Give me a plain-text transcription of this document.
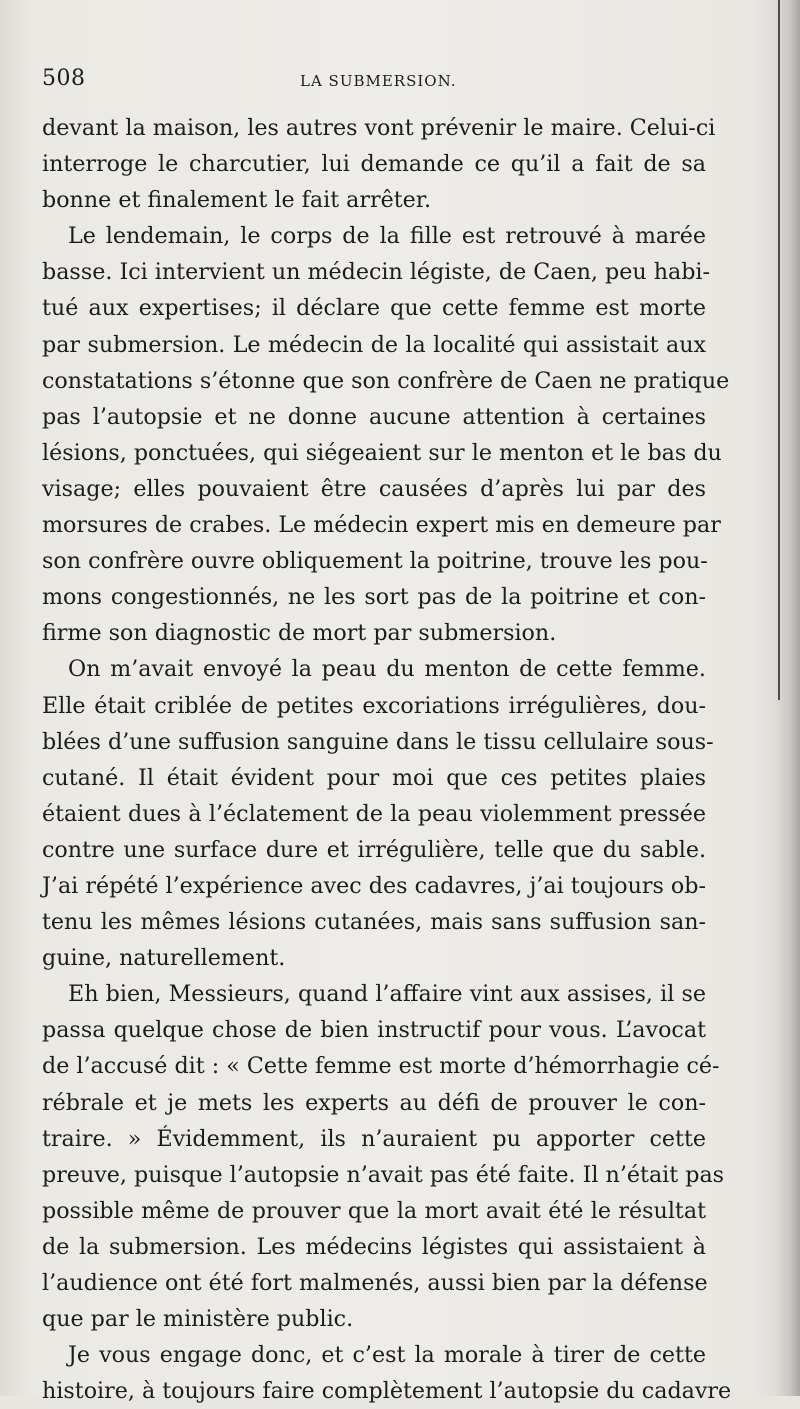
508	LA SUBMERSION.
devant la maison, les autres vont prévenir le maire. Celui-ci
interroge le charcutier, lui demande ce qu’il a fait de sa
bonne et finalement le fait arrêter.
Le lendemain, le corps de la fille est retrouvé à marée
basse. Ici intervient un médecin légiste, de Caen, peu habi-
tué aux expertises; il déclare que cette femme est morte
par submersion. Le médecin de la localité qui assistait aux
constatations s’étonne que son confrère de Caen ne pratique
pas l’autopsie et ne donne aucune attention à certaines
lésions, ponctuées, qui siégeaient sur le menton et le bas du
visage; elles pouvaient être causées d’après lui par des
morsures de crabes. Le médecin expert mis en demeure par
son confrère ouvre obliquement la poitrine, trouve les pou-
mons congestionnés, ne les sort pas de la poitrine et con-
firme son diagnostic de mort par submersion.
On m’avait envoyé la peau du menton de cette femme.
Elle était criblée de petites excoriations irrégulières, dou-
blées d’une suffusion sanguine dans le tissu cellulaire sous-
cutané. Il était évident pour moi que ces petites plaies
étaient dues à l’éclatement de la peau violemment pressée
contre une surface dure et irrégulière, telle que du sable.
J’ai répété l’expérience avec des cadavres, j’ai toujours ob-
tenu les mêmes lésions cutanées, mais sans suffusion san-
guine, naturellement.
Eh bien, Messieurs, quand l’affaire vint aux assises, il se
passa quelque chose de bien instructif pour vous. L’avocat
de l’accusé dit : « Cette femme est morte d’hémorrhagie cé-
rébrale et je mets les experts au défi de prouver le con-
traire. » Évidemment, ils n’auraient pu apporter cette
preuve, puisque l’autopsie n’avait pas été faite. Il n’était pas
possible même de prouver que la mort avait été le résultat
de la submersion. Les médecins légistes qui assistaient à
l’audience ont été fort malmenés, aussi bien par la défense
que par le ministère public.
Je vous engage donc, et c’est la morale à tirer de cette
histoire, à toujours faire complètement l’autopsie du cadavre
